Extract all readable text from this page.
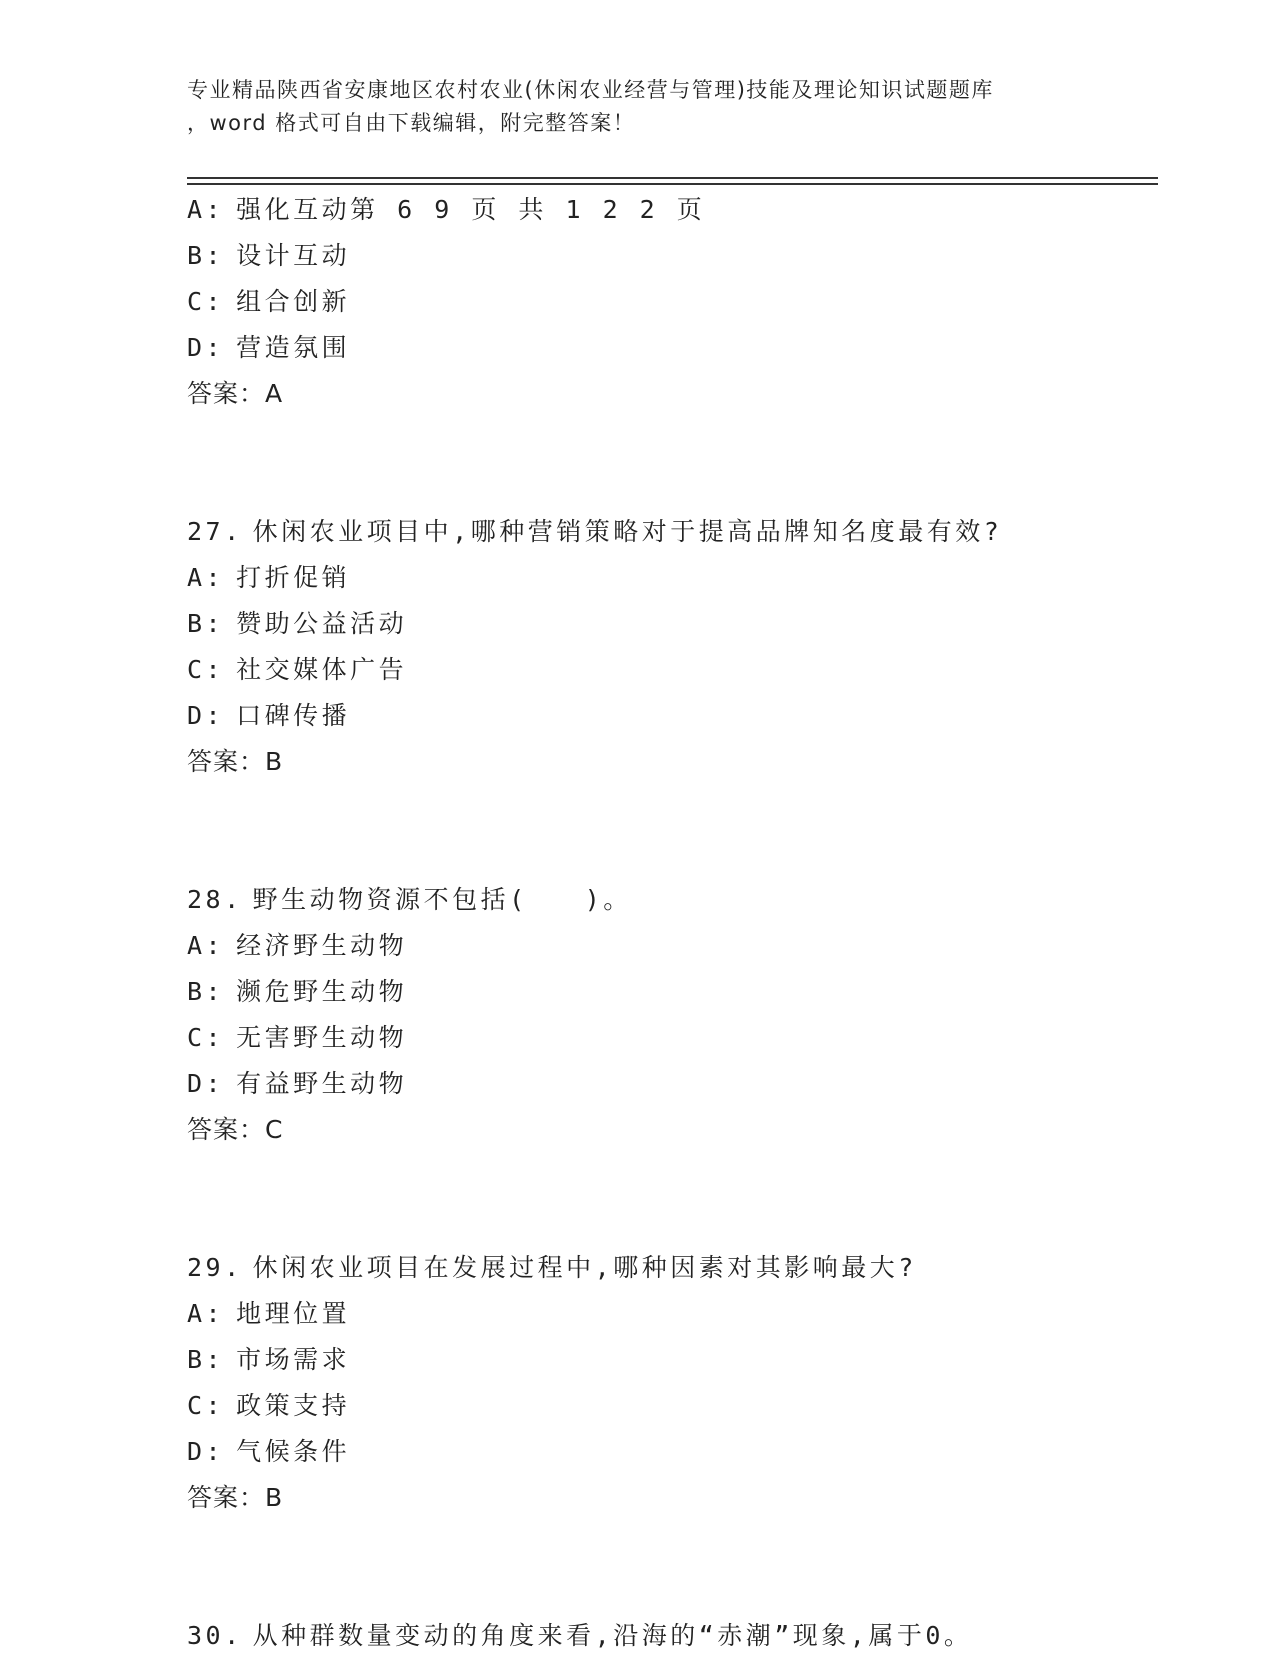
专业精品陕西省安康地区农村农业(休闲农业经营与管理)技能及理论知识试题题库
，word 格式可自由下载编辑，附完整答案！
A: 强化互动第 6 9 页 共 1 2 2 页
B: 设计互动
C: 组合创新
D: 营造氛围
答案：A
27. 休闲农业项目中,哪种营销策略对于提高品牌知名度最有效?
A: 打折促销
B: 赞助公益活动
C: 社交媒体广告
D: 口碑传播
答案：B
28. 野生动物资源不包括(　　)。
A: 经济野生动物
B: 濒危野生动物
C: 无害野生动物
D: 有益野生动物
答案：C
29. 休闲农业项目在发展过程中,哪种因素对其影响最大?
A: 地理位置
B: 市场需求
C: 政策支持
D: 气候条件
答案：B
30. 从种群数量变动的角度来看,沿海的“赤潮”现象,属于0。
